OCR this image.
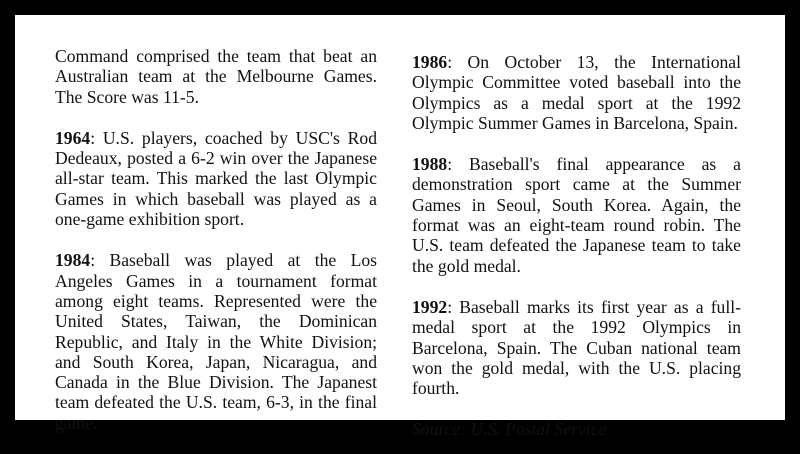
Command comprised the team that beat an Australian team at the Melbourne Games. The Score was 11-5.

1964: U.S. players, coached by USC's Rod Dedeaux, posted a 6-2 win over the Japanese all-star team. This marked the last Olympic Games in which baseball was played as a one-game exhibition sport.

1984: Baseball was played at the Los Angeles Games in a tournament format among eight teams. Represented were the United States, Taiwan, the Dominican Republic, and Italy in the White Division; and South Korea, Japan, Nicaragua, and Canada in the Blue Division. The Japanest team defeated the U.S. team, 6-3, in the final game.

1986: On October 13, the International Olympic Committee voted baseball into the Olympics as a medal sport at the 1992 Olympic Summer Games in Barcelona, Spain.

1988: Baseball's final appearance as a demonstration sport came at the Summer Games in Seoul, South Korea. Again, the format was an eight-team round robin. The U.S. team defeated the Japanese team to take the gold medal.

1992: Baseball marks its first year as a full-medal sport at the 1992 Olympics in Barcelona, Spain. The Cuban national team won the gold medal, with the U.S. placing fourth.

Source: U.S. Postal Service
